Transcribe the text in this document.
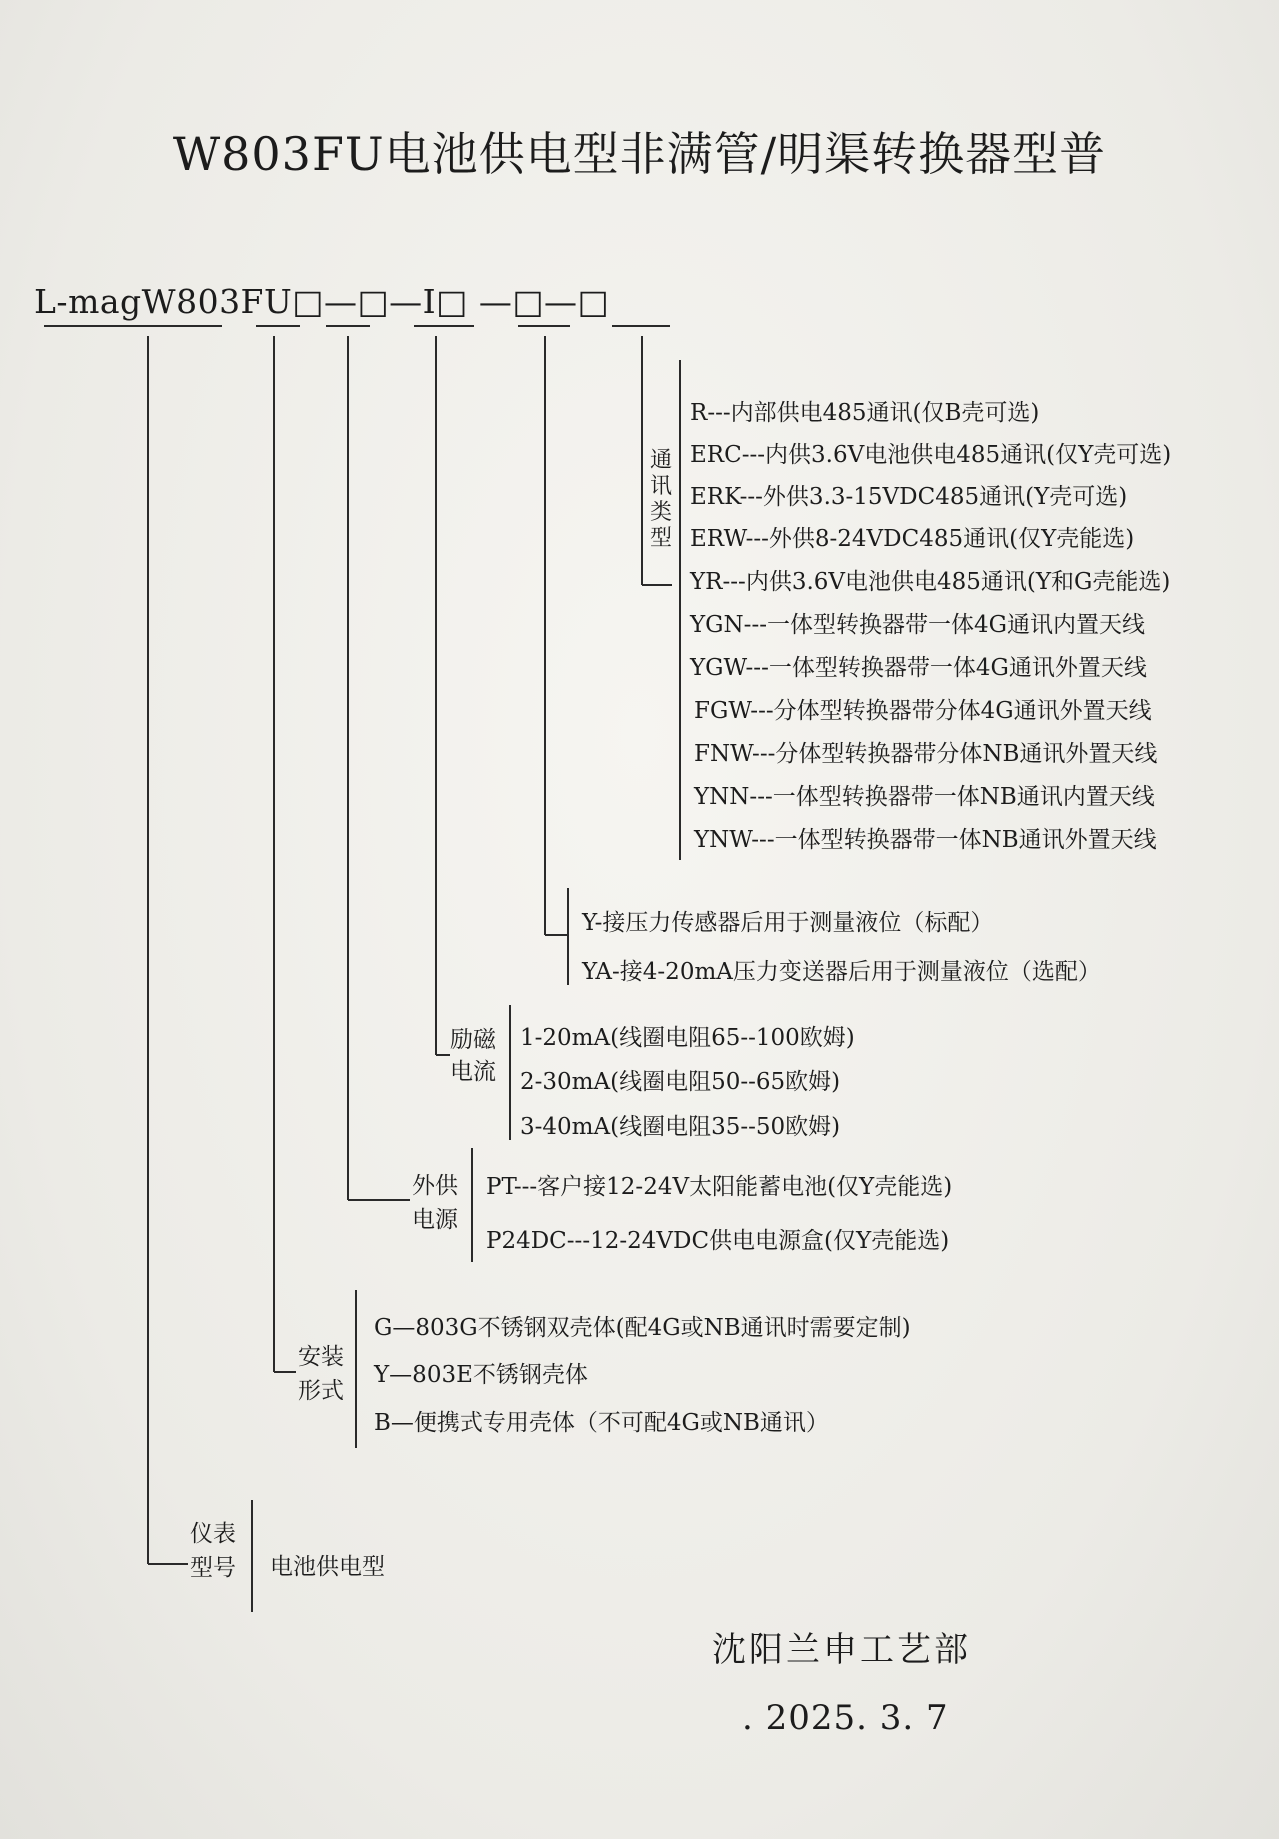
W803FU电池供电型非满管/明渠转换器型普
L-magW803FU□—□—I□ —□—□
通讯类型
R---内部供电485通讯(仅B壳可选)
ERC---内供3.6V电池供电485通讯(仅Y壳可选)
ERK---外供3.3-15VDC485通讯(Y壳可选)
ERW---外供8-24VDC485通讯(仅Y壳能选)
YR---内供3.6V电池供电485通讯(Y和G壳能选)
YGN---一体型转换器带一体4G通讯内置天线
YGW---一体型转换器带一体4G通讯外置天线
FGW---分体型转换器带分体4G通讯外置天线
FNW---分体型转换器带分体NB通讯外置天线
YNN---一体型转换器带一体NB通讯内置天线
YNW---一体型转换器带一体NB通讯外置天线
Y-接压力传感器后用于测量液位（标配）
YA-接4-20mA压力变送器后用于测量液位（选配）
励磁
电流
1-20mA(线圈电阻65--100欧姆)
2-30mA(线圈电阻50--65欧姆)
3-40mA(线圈电阻35--50欧姆)
外供
电源
PT---客户接12-24V太阳能蓄电池(仅Y壳能选)
P24DC---12-24VDC供电电源盒(仅Y壳能选)
安装
形式
G—803G不锈钢双壳体(配4G或NB通讯时需要定制)
Y—803E不锈钢壳体
B—便携式专用壳体（不可配4G或NB通讯）
仪表
型号 电池供电型
沈阳兰申工艺部
. 2025. 3. 7
